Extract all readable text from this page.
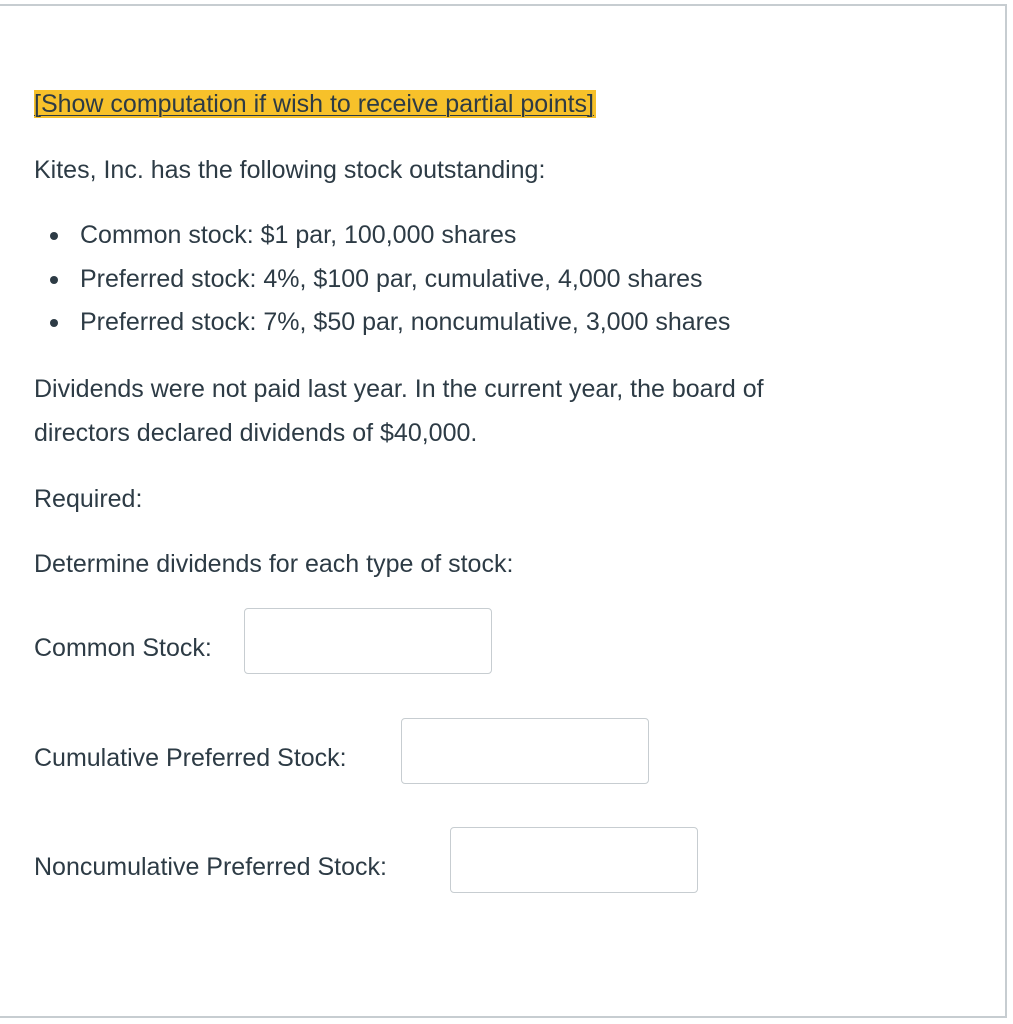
[Show computation if wish to receive partial points]

Kites, Inc. has the following stock outstanding:

Common stock: $1 par, 100,000 shares
Preferred stock: 4%, $100 par, cumulative, 4,000 shares
Preferred stock: 7%, $50 par, noncumulative, 3,000 shares

Dividends were not paid last year. In the current year, the board of

directors declared dividends of $40,000.

Required:

Determine dividends for each type of stock:

Common Stock:
Cumulative Preferred Stock:
Noncumulative Preferred Stock:
